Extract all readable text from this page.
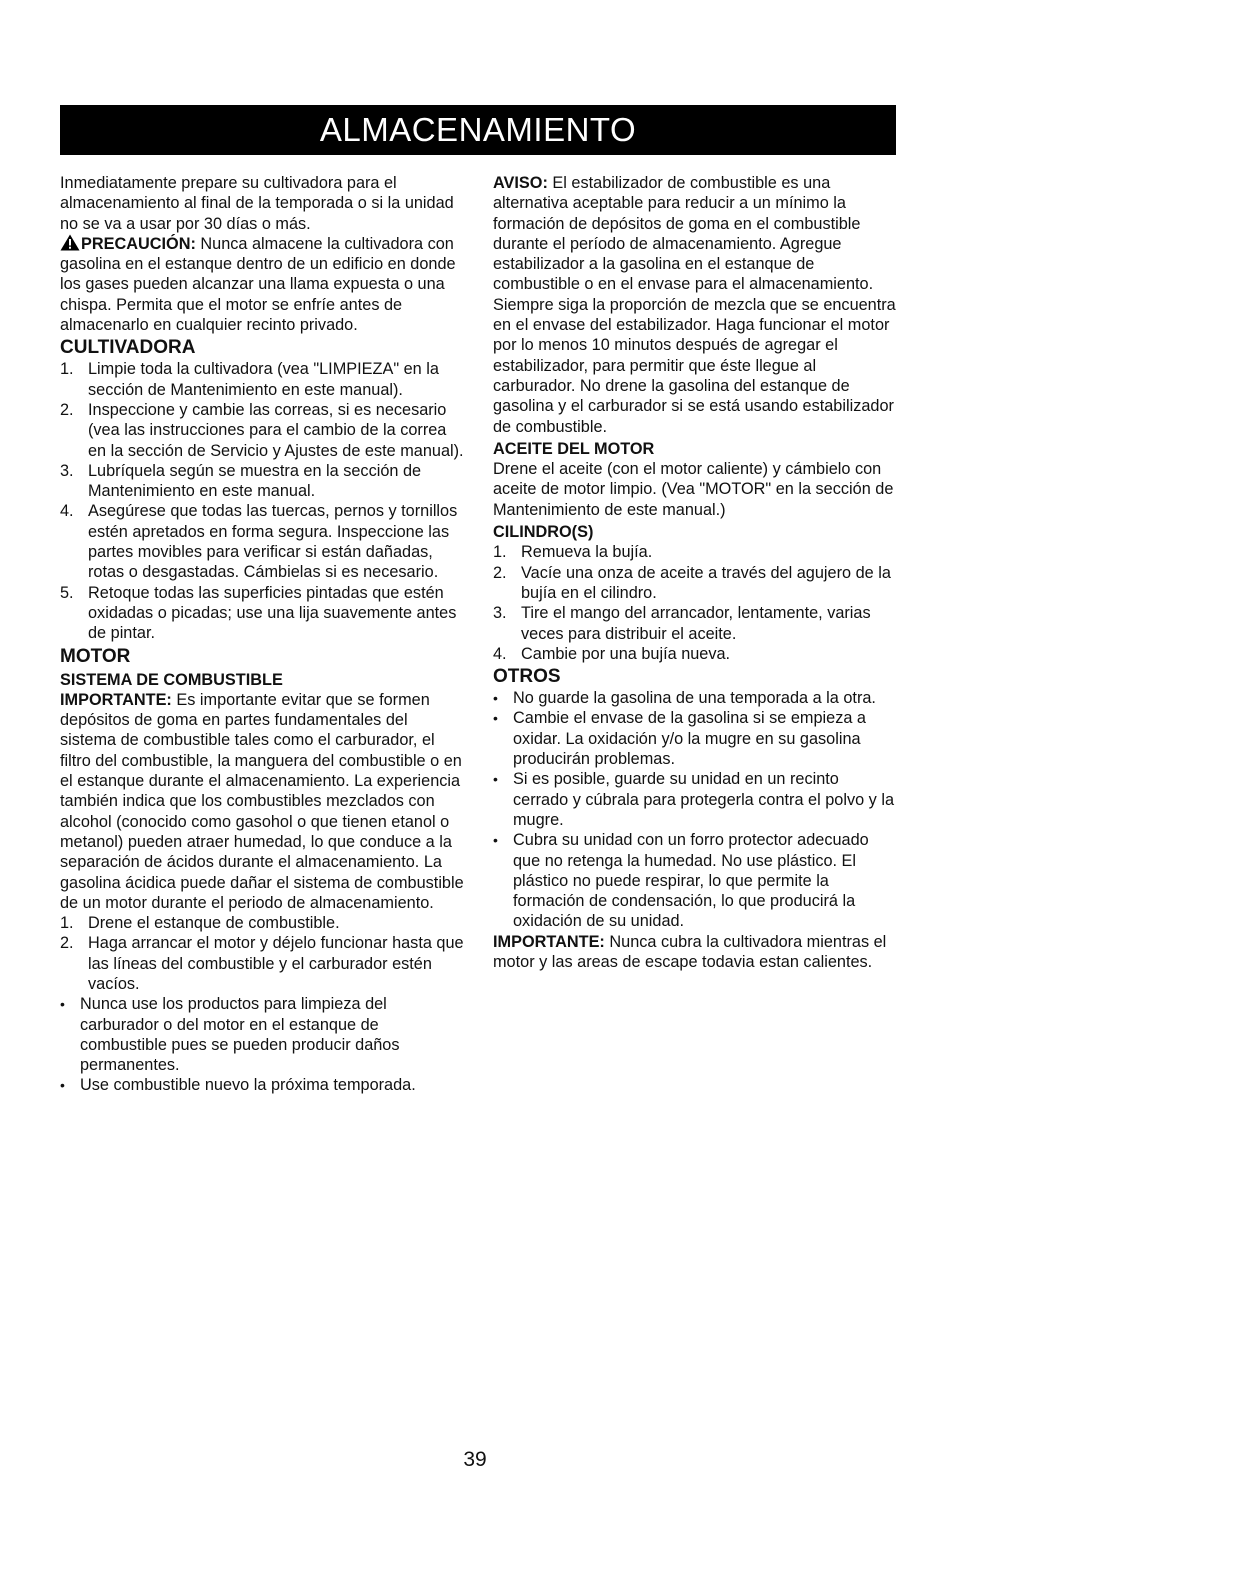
ALMACENAMIENTO

Inmediatamente prepare su cultivadora para el almacenamiento al final de la temporada o si la unidad no se va a usar por 30 días o más.

PRECAUCIÓN: Nunca almacene la cultivadora con gasolina en el estanque dentro de un edificio en donde los gases pueden alcanzar una llama expuesta o una chispa. Permita que el motor se enfríe antes de almacenarlo en cualquier recinto privado.

CULTIVADORA
1. Limpie toda la cultivadora (vea "LIMPIEZA" en la sección de Mantenimiento en este manual).
2. Inspeccione y cambie las correas, si es necesario (vea las instrucciones para el cambio de la correa en la sección de Servicio y Ajustes de este manual).
3. Lubríquela según se muestra en la sección de Mantenimiento en este manual.
4. Asegúrese que todas las tuercas, pernos y tornillos estén apretados en forma segura. Inspeccione las partes movibles para verificar si están dañadas, rotas o desgastadas. Cámbielas si es necesario.
5. Retoque todas las superficies pintadas que estén oxidadas o picadas; use una lija suavemente antes de pintar.
MOTOR
SISTEMA DE COMBUSTIBLE

IMPORTANTE: Es importante evitar que se formen depósitos de goma en partes fundamentales del sistema de combustible tales como el carburador, el filtro del combustible, la manguera del combustible o en el estanque durante el almacenamiento. La experiencia también indica que los combustibles mezclados con alcohol (conocido como gasohol o que tienen etanol o metanol) pueden atraer humedad, lo que conduce a la separación de ácidos durante el almacenamiento. La gasolina ácidica puede dañar el sistema de combustible de un motor durante el periodo de almacenamiento.

1. Drene el estanque de combustible.
2. Haga arrancar el motor y déjelo funcionar hasta que las líneas del combustible y el carburador estén vacíos.
• Nunca use los productos para limpieza del carburador o del motor en el estanque de combustible pues se pueden producir daños permanentes.
• Use combustible nuevo la próxima temporada.

AVISO: El estabilizador de combustible es una alternativa aceptable para reducir a un mínimo la formación de depósitos de goma en el combustible durante el período de almacenamiento. Agregue estabilizador a la gasolina en el estanque de combustible o en el envase para el almacenamiento. Siempre siga la proporción de mezcla que se encuentra en el envase del estabilizador. Haga funcionar el motor por lo menos 10 minutos después de agregar el estabilizador, para permitir que éste llegue al carburador. No drene la gasolina del estanque de gasolina y el carburador si se está usando estabilizador de combustible.

ACEITE DEL MOTOR

Drene el aceite (con el motor caliente) y cámbielo con aceite de motor limpio. (Vea "MOTOR" en la sección de Mantenimiento de este manual.)

CILINDRO(S)
1. Remueva la bujía.
2. Vacíe una onza de aceite a través del agujero de la bujía en el cilindro.
3. Tire el mango del arrancador, lentamente, varias veces para distribuir el aceite.
4. Cambie por una bujía nueva.
OTROS
• No guarde la gasolina de una temporada a la otra.
• Cambie el envase de la gasolina si se empieza a oxidar. La oxidación y/o la mugre en su gasolina producirán problemas.
• Si es posible, guarde su unidad en un recinto cerrado y cúbrala para protegerla contra el polvo y la mugre.
• Cubra su unidad con un forro protector adecuado que no retenga la humedad. No use plástico. El plástico no puede respirar, lo que permite la formación de condensación, lo que producirá la oxidación de su unidad.

IMPORTANTE: Nunca cubra la cultivadora mientras el motor y las areas de escape todavia estan calientes.

39
